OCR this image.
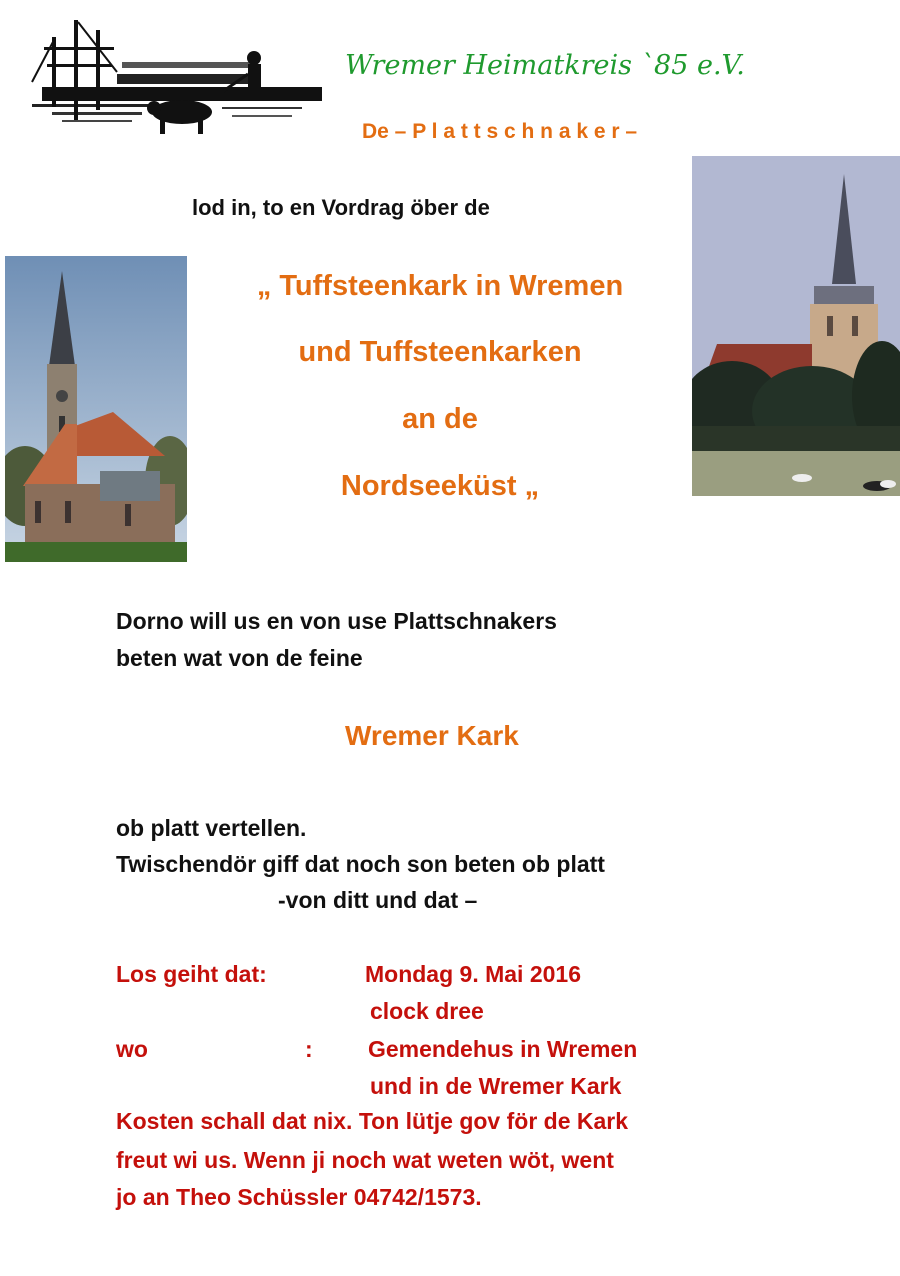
Wremer Heimatkreis `85 e.V.
De – P l a t t s c h n a k e r –
lod in, to en Vordrag öber de
„ Tuffsteenkark in Wremen
und Tuffsteenkarken
an de
Nordseeküst „
Dorno will us en von use Plattschnakers
beten wat von de feine
Wremer Kark
ob platt vertellen.
Twischendör giff dat noch son beten ob platt
-von ditt und dat –
Los geiht dat:	Mondag 9. Mai 2016
clock dree
wo	: Gemendehus in Wremen
und in de Wremer Kark
Kosten schall dat nix. Ton lütje gov för de Kark
freut wi us. Wenn ji noch wat weten wöt, went
jo an Theo Schüssler 04742/1573.
